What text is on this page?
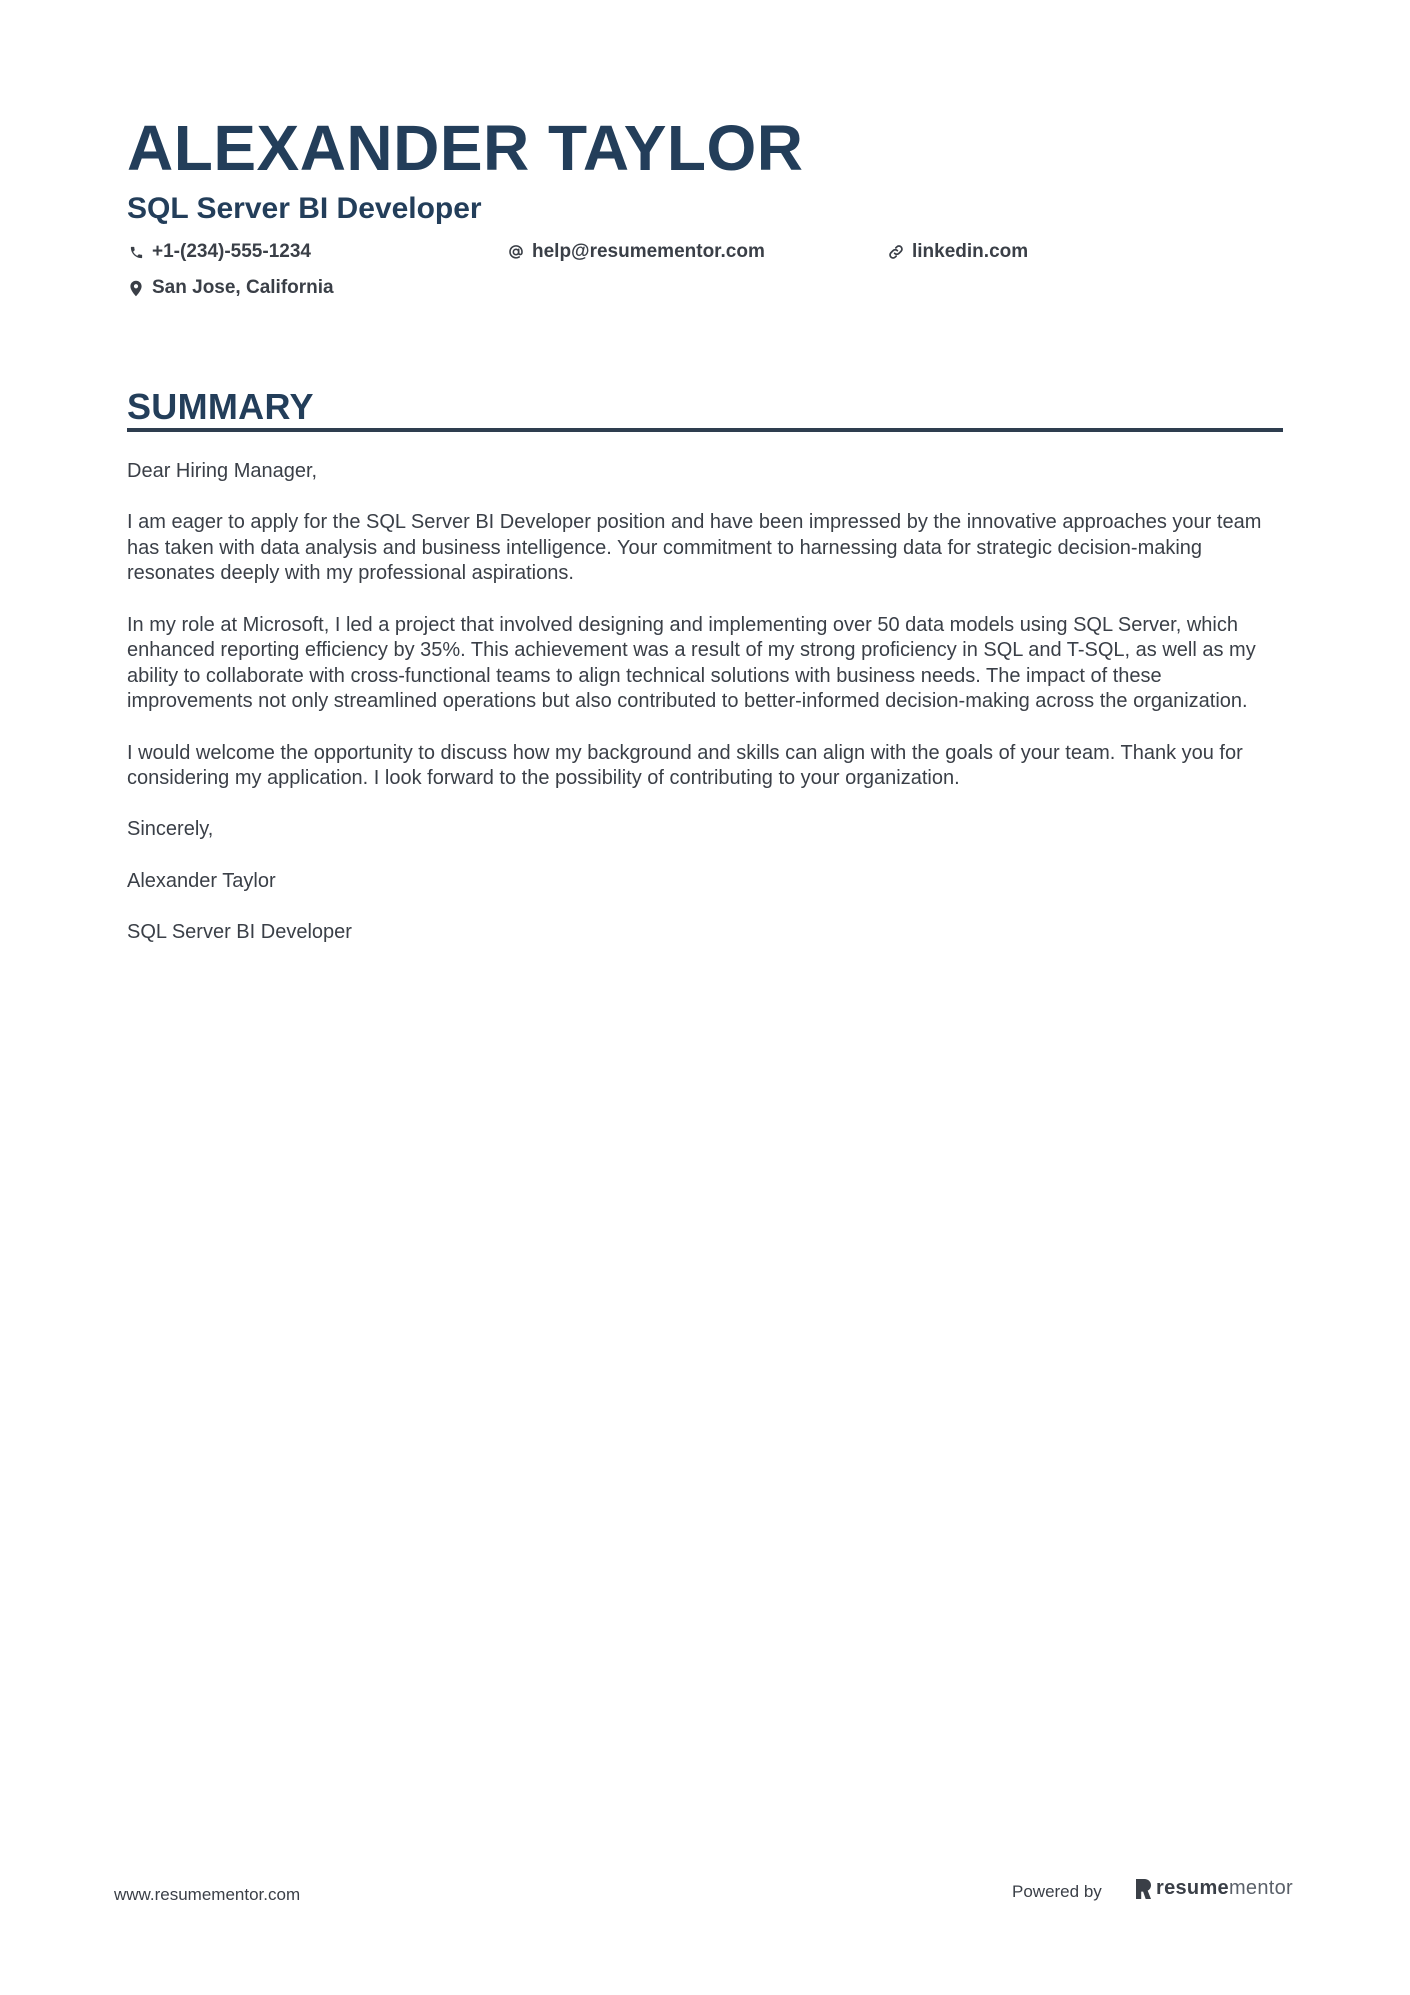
ALEXANDER TAYLOR
SQL Server BI Developer
+1-(234)-555-1234	help@resumementor.com	linkedin.com
San Jose, California
SUMMARY

Dear Hiring Manager,

I am eager to apply for the SQL Server BI Developer position and have been impressed by the innovative approaches your team has taken with data analysis and business intelligence. Your commitment to harnessing data for strategic decision-making resonates deeply with my professional aspirations.

In my role at Microsoft, I led a project that involved designing and implementing over 50 data models using SQL Server, which enhanced reporting efficiency by 35%. This achievement was a result of my strong proficiency in SQL and T-SQL, as well as my ability to collaborate with cross-functional teams to align technical solutions with business needs. The impact of these improvements not only streamlined operations but also contributed to better-informed decision-making across the organization.

I would welcome the opportunity to discuss how my background and skills can align with the goals of your team. Thank you for considering my application. I look forward to the possibility of contributing to your organization.

Sincerely,

Alexander Taylor

SQL Server BI Developer

www.resumementor.com	Powered by	resume mentor
